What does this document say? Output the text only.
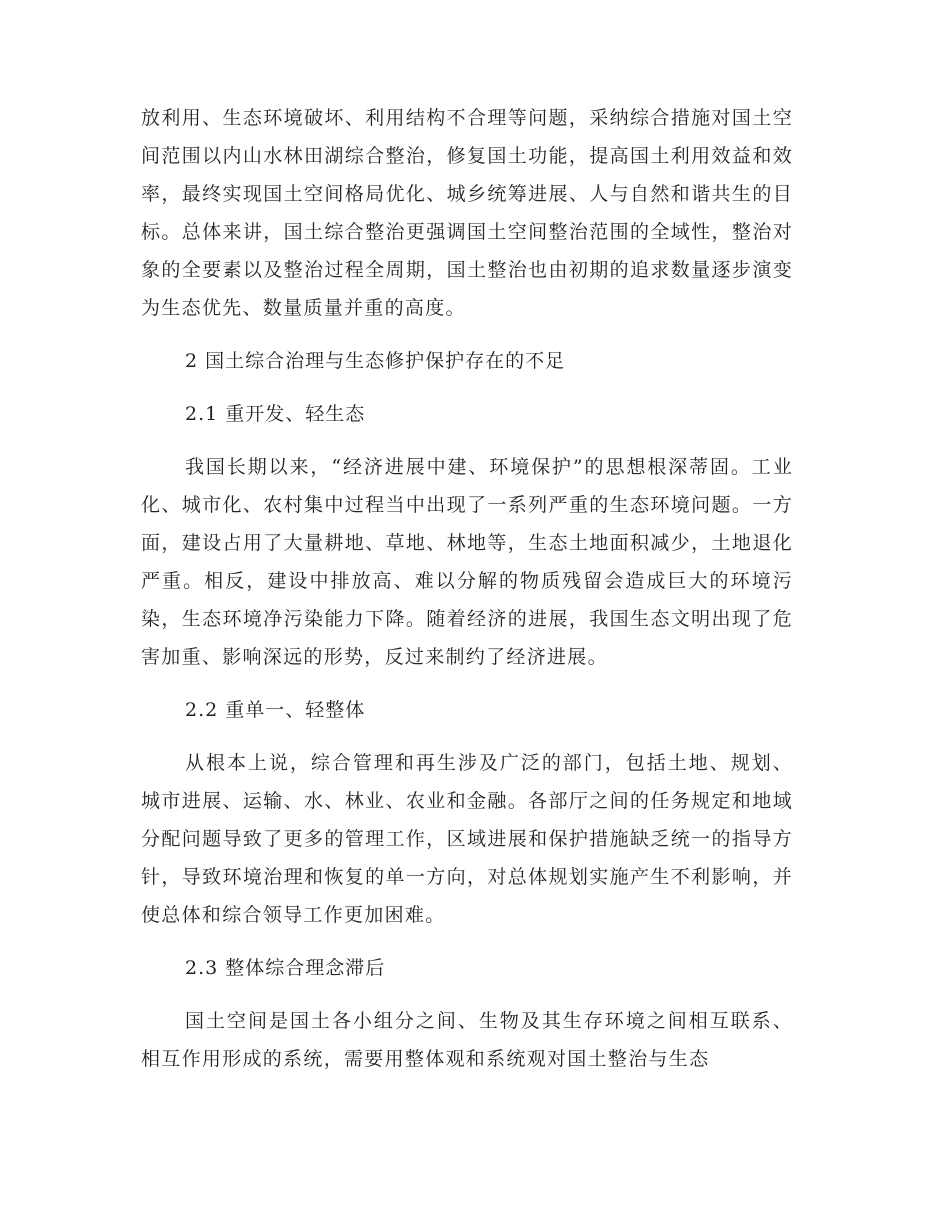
放利用、生态环境破坏、利用结构不合理等问题，采纳综合措施对国土空间范围以内山水林田湖综合整治，修复国土功能，提高国土利用效益和效率，最终实现国土空间格局优化、城乡统筹进展、人与自然和谐共生的目标。总体来讲，国土综合整治更强调国土空间整治范围的全域性，整治对象的全要素以及整治过程全周期，国土整治也由初期的追求数量逐步演变为生态优先、数量质量并重的高度。

2 国土综合治理与生态修护保护存在的不足
2.1 重开发、轻生态

我国长期以来，“经济进展中建、环境保护”的思想根深蒂固。工业化、城市化、农村集中过程当中出现了一系列严重的生态环境问题。一方面，建设占用了大量耕地、草地、林地等，生态土地面积减少，土地退化严重。相反，建设中排放高、难以分解的物质残留会造成巨大的环境污染，生态环境净污染能力下降。随着经济的进展，我国生态文明出现了危害加重、影响深远的形势，反过来制约了经济进展。

2.2 重单一、轻整体

从根本上说，综合管理和再生涉及广泛的部门，包括土地、规划、城市进展、运输、水、林业、农业和金融。各部厅之间的任务规定和地域分配问题导致了更多的管理工作，区域进展和保护措施缺乏统一的指导方针，导致环境治理和恢复的单一方向，对总体规划实施产生不利影响，并使总体和综合领导工作更加困难。

2.3 整体综合理念滞后

国土空间是国土各小组分之间、生物及其生存环境之间相互联系、相互作用形成的系统，需要用整体观和系统观对国土整治与生态
